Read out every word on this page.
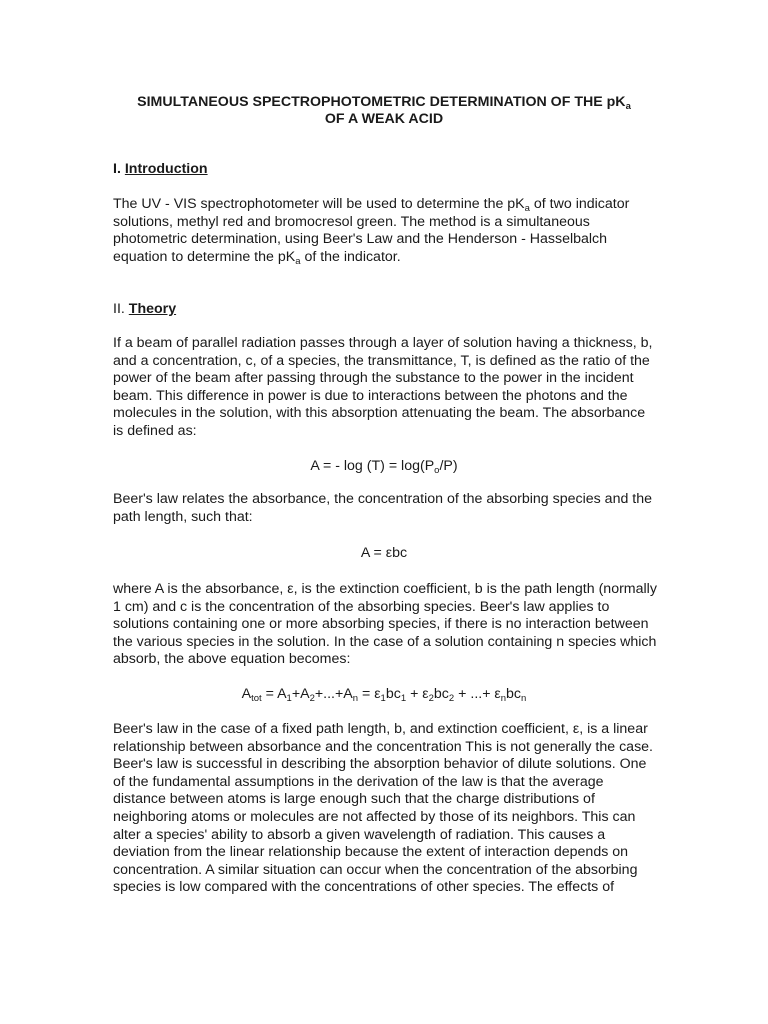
SIMULTANEOUS SPECTROPHOTOMETRIC DETERMINATION OF THE $pK_a$
OF A WEAK ACID
I. Introduction

The UV - VIS spectrophotometer will be used to determine the $pK_a$ of two indicator solutions, methyl red and bromocresol green. The method is a simultaneous photometric determination, using Beer's Law and the Henderson - Hasselbalch equation to determine the $pK_a$ of the indicator.

II. Theory

If a beam of parallel radiation passes through a layer of solution having a thickness, b, and a concentration, c, of a species, the transmittance, T, is defined as the ratio of the power of the beam after passing through the substance to the power in the incident beam. This difference in power is due to interactions between the photons and the molecules in the solution, with this absorption attenuating the beam. The absorbance is defined as:

A = - $\log (T) = \log(P_o/P)$

Beer's law relates the absorbance, the concentration of the absorbing species and the path length, such that:

A = εbc

where A is the absorbance, ε, is the extinction coefficient, b is the path length (normally 1 cm) and c is the concentration of the absorbing species. Beer's law applies to solutions containing one or more absorbing species, if there is no interaction between the various species in the solution. In the case of a solution containing n species which absorb, the above equation becomes:

$A_{tot} = A_1+A_2+...+A_n = \varepsilon_1bc_1 + \varepsilon_2bc_2$ + ...+ $\varepsilon_nbc_n$

Beer's law in the case of a fixed path length, b, and extinction coefficient, ε, is a linear relationship between absorbance and the concentration This is not generally the case. Beer's law is successful in describing the absorption behavior of dilute solutions. One of the fundamental assumptions in the derivation of the law is that the average distance between atoms is large enough such that the charge distributions of neighboring atoms or molecules are not affected by those of its neighbors. This can alter a species' ability to absorb a given wavelength of radiation. This causes a deviation from the linear relationship because the extent of interaction depends on concentration. A similar situation can occur when the concentration of the absorbing species is low compared with the concentrations of other species. The effects of
